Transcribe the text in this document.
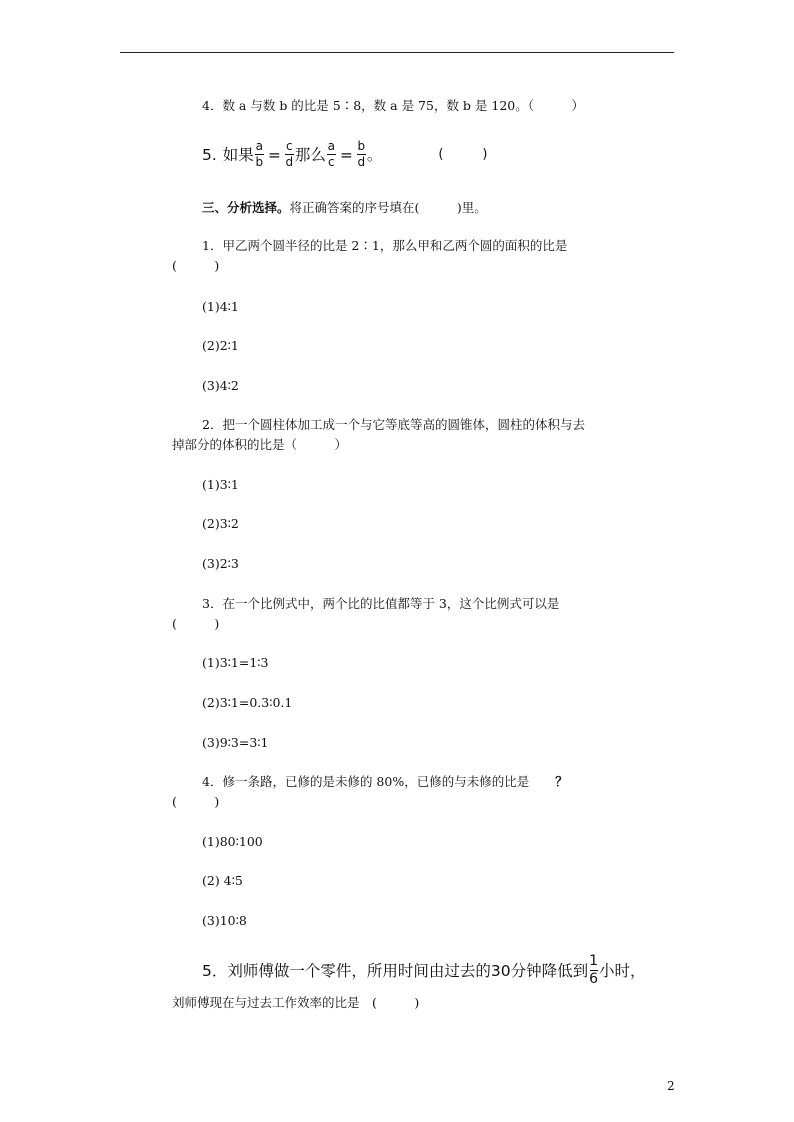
4．数 a 与数 b 的比是 5∶8，数 a 是 75，数 b 是 120。（　　　）
5. 如果 $\frac{a}{b} = \frac{c}{d}$ 那么 $\frac{a}{c} = \frac{b}{d}$ 。	(　　　)
三、分析选择。将正确答案的序号填在(　　　)里。
1．甲乙两个圆半径的比是 2∶1，那么甲和乙两个圆的面积的比是
(　　　)
(1)4∶1
(2)2∶1
(3)4∶2
2．把一个圆柱体加工成一个与它等底等高的圆锥体，圆柱的体积与去
掉部分的体积的比是（　　　）
(1)3∶1
(2)3∶2
(3)2∶3
3．在一个比例式中，两个比的比值都等于 3，这个比例式可以是
(　　　)
(1)3∶1=1∶3
(2)3∶1=0.3∶0.1
(3)9∶3=3∶1
4．修一条路，已修的是未修的 80%，已修的与未修的比是 ？
(　　　)
(1)80∶100
(2) 4∶5
(3)10∶8
5．刘师傅做一个零件，所用时间由过去的30分钟降低到 $\frac{1}{6}$ 小时，
刘师傅现在与过去工作效率的比是　(　　　)
2
